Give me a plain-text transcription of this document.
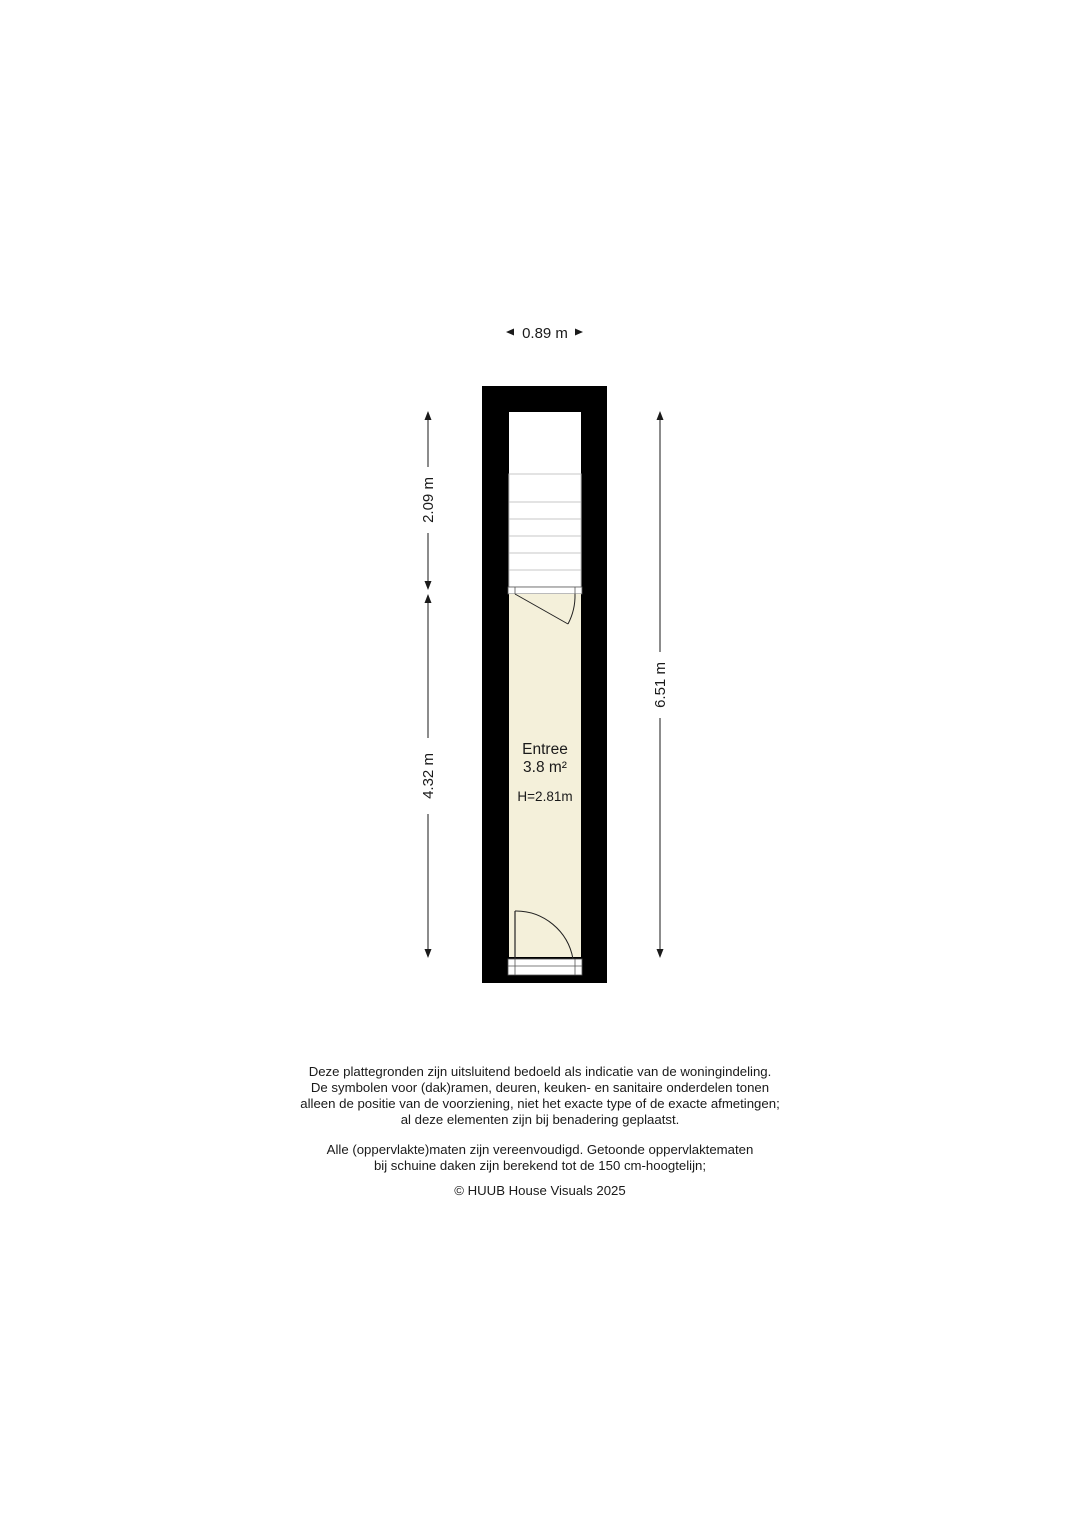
0.89 m
Entree
3.8 m²
H=2.81m
2.09 m
4.32 m
6.51 m

Deze plattegronden zijn uitsluitend bedoeld als indicatie van de woningindeling.

De symbolen voor (dak)ramen, deuren, keuken- en sanitaire onderdelen tonen

alleen de positie van de voorziening, niet het exacte type of de exacte afmetingen;

al deze elementen zijn bij benadering geplaatst.

Alle (oppervlakte)maten zijn vereenvoudigd. Getoonde oppervlaktematen

bij schuine daken zijn berekend tot de 150 cm-hoogtelijn;

© HUUB House Visuals 2025
